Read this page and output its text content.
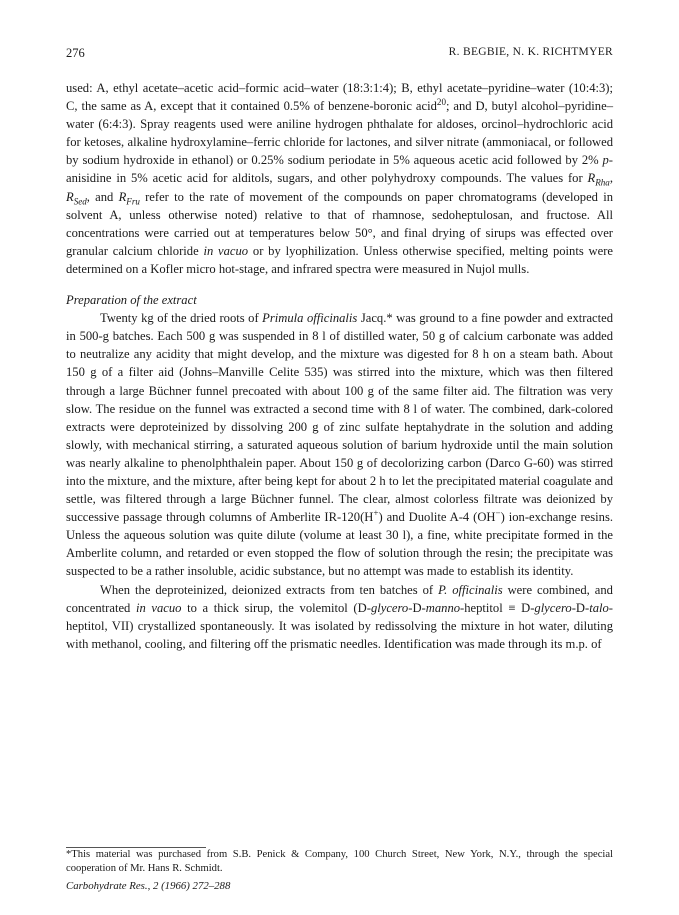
276	R. BEGBIE, N. K. RICHTMYER

used: A, ethyl acetate–acetic acid–formic acid–water (18:3:1:4); B, ethyl acetate–pyridine–water (10:4:3); C, the same as A, except that it contained 0.5% of benzene-boronic acid$^{20}$; and D, butyl alcohol–pyridine–water (6:4:3). Spray reagents used were aniline hydrogen phthalate for aldoses, orcinol–hydrochloric acid for ketoses, alkaline hydroxylamine–ferric chloride for lactones, and silver nitrate (ammoniacal, or followed by sodium hydroxide in ethanol) or 0.25% sodium periodate in 5% aqueous acetic acid followed by 2% p-anisidine in 5% acetic acid for alditols, sugars, and other polyhydroxy compounds. The values for $R_{Rha}$, $R_{Sed}$, and $R_{Fru}$ refer to the rate of movement of the compounds on paper chromatograms (developed in solvent A, unless otherwise noted) relative to that of rhamnose, sedoheptulosan, and fructose. All concentrations were carried out at temperatures below 50°, and final drying of sirups was effected over granular calcium chloride in vacuo or by lyophilization. Unless otherwise specified, melting points were determined on a Kofler micro hot-stage, and infrared spectra were measured in Nujol mulls.

Preparation of the extract

Twenty kg of the dried roots of Primula officinalis Jacq.* was ground to a fine powder and extracted in 500-g batches. Each 500 g was suspended in 8 l of distilled water, 50 g of calcium carbonate was added to neutralize any acidity that might develop, and the mixture was digested for 8 h on a steam bath. About 150 g of a filter aid (Johns–Manville Celite 535) was stirred into the mixture, which was then filtered through a large Büchner funnel precoated with about 100 g of the same filter aid. The filtration was very slow. The residue on the funnel was extracted a second time with 8 l of water. The combined, dark-colored extracts were deproteinized by dissolving 200 g of zinc sulfate heptahydrate in the solution and adding slowly, with mechanical stirring, a saturated aqueous solution of barium hydroxide until the main solution was nearly alkaline to phenolphthalein paper. About 150 g of decolorizing carbon (Darco G-60) was stirred into the mixture, and the mixture, after being kept for about 2 h to let the precipitated material coagulate and settle, was filtered through a large Büchner funnel. The clear, almost colorless filtrate was deionized by successive passage through columns of Amberlite IR-120(H+) and Duolite A-4 (OH−) ion-exchange resins. Unless the aqueous solution was quite dilute (volume at least 30 l), a fine, white precipitate formed in the Amberlite column, and retarded or even stopped the flow of solution through the resin; the precipitate was suspected to be a rather insoluble, acidic substance, but no attempt was made to establish its identity.

When the deproteinized, deionized extracts from ten batches of P. officinalis were combined, and concentrated in vacuo to a thick sirup, the volemitol (D-glycero-D-manno-heptitol ≡ D-glycero-D-talo-heptitol, VII) crystallized spontaneously. It was isolated by redissolving the mixture in hot water, diluting with methanol, cooling, and filtering off the prismatic needles. Identification was made through its m.p. of

*This material was purchased from S.B. Penick & Company, 100 Church Street, New York, N.Y., through the special cooperation of Mr. Hans R. Schmidt.
Carbohydrate Res., 2 (1966) 272–288
